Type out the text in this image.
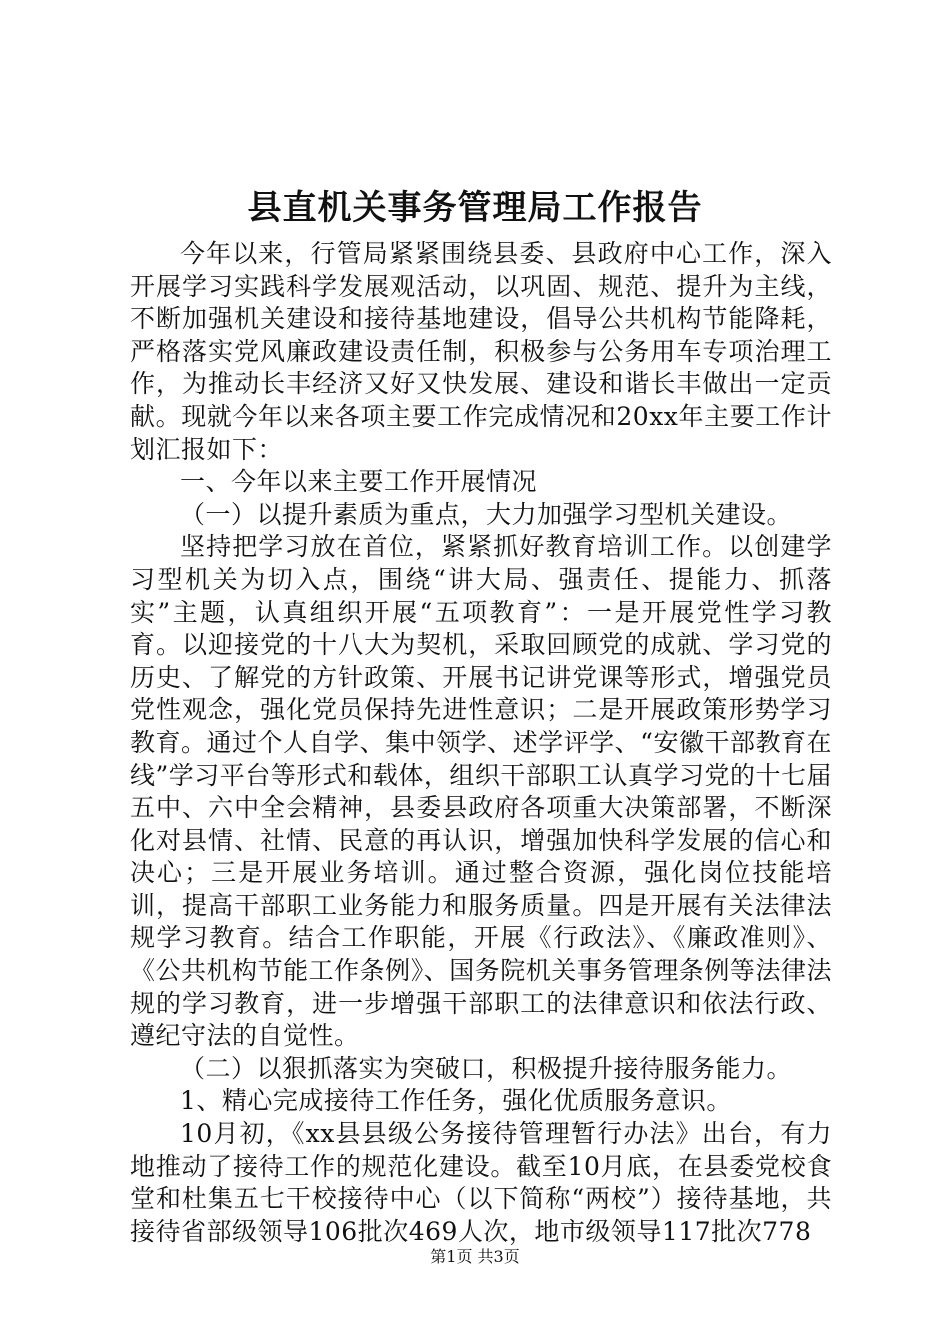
县直机关事务管理局工作报告

今年以来，行管局紧紧围绕县委、县政府中心工作，深入开展学习实践科学发展观活动，以巩固、规范、提升为主线，不断加强机关建设和接待基地建设，倡导公共机构节能降耗，严格落实党风廉政建设责任制，积极参与公务用车专项治理工作，为推动长丰经济又好又快发展、建设和谐长丰做出一定贡献。现就今年以来各项主要工作完成情况和20xx年主要工作计划汇报如下：

一、今年以来主要工作开展情况

（一）以提升素质为重点，大力加强学习型机关建设。

坚持把学习放在首位，紧紧抓好教育培训工作。以创建学习型机关为切入点，围绕“讲大局、强责任、提能力、抓落实”主题，认真组织开展“五项教育”：一是开展党性学习教育。以迎接党的十八大为契机，采取回顾党的成就、学习党的历史、了解党的方针政策、开展书记讲党课等形式，增强党员党性观念，强化党员保持先进性意识；二是开展政策形势学习教育。通过个人自学、集中领学、述学评学、“安徽干部教育在线”学习平台等形式和载体，组织干部职工认真学习党的十七届五中、六中全会精神，县委县政府各项重大决策部署，不断深化对县情、社情、民意的再认识，增强加快科学发展的信心和决心；三是开展业务培训。通过整合资源，强化岗位技能培训，提高干部职工业务能力和服务质量。四是开展有关法律法规学习教育。结合工作职能，开展《行政法》、《廉政准则》、《公共机构节能工作条例》、国务院机关事务管理条例等法律法规的学习教育，进一步增强干部职工的法律意识和依法行政、遵纪守法的自觉性。

（二）以狠抓落实为突破口，积极提升接待服务能力。

1、精心完成接待工作任务，强化优质服务意识。

10月初，《xx县县级公务接待管理暂行办法》出台，有力地推动了接待工作的规范化建设。截至10月底，在县委党校食堂和杜集五七干校接待中心（以下简称“两校”）接待基地，共接待省部级领导106批次469人次，地市级领导117批次778

第1页 共3页
